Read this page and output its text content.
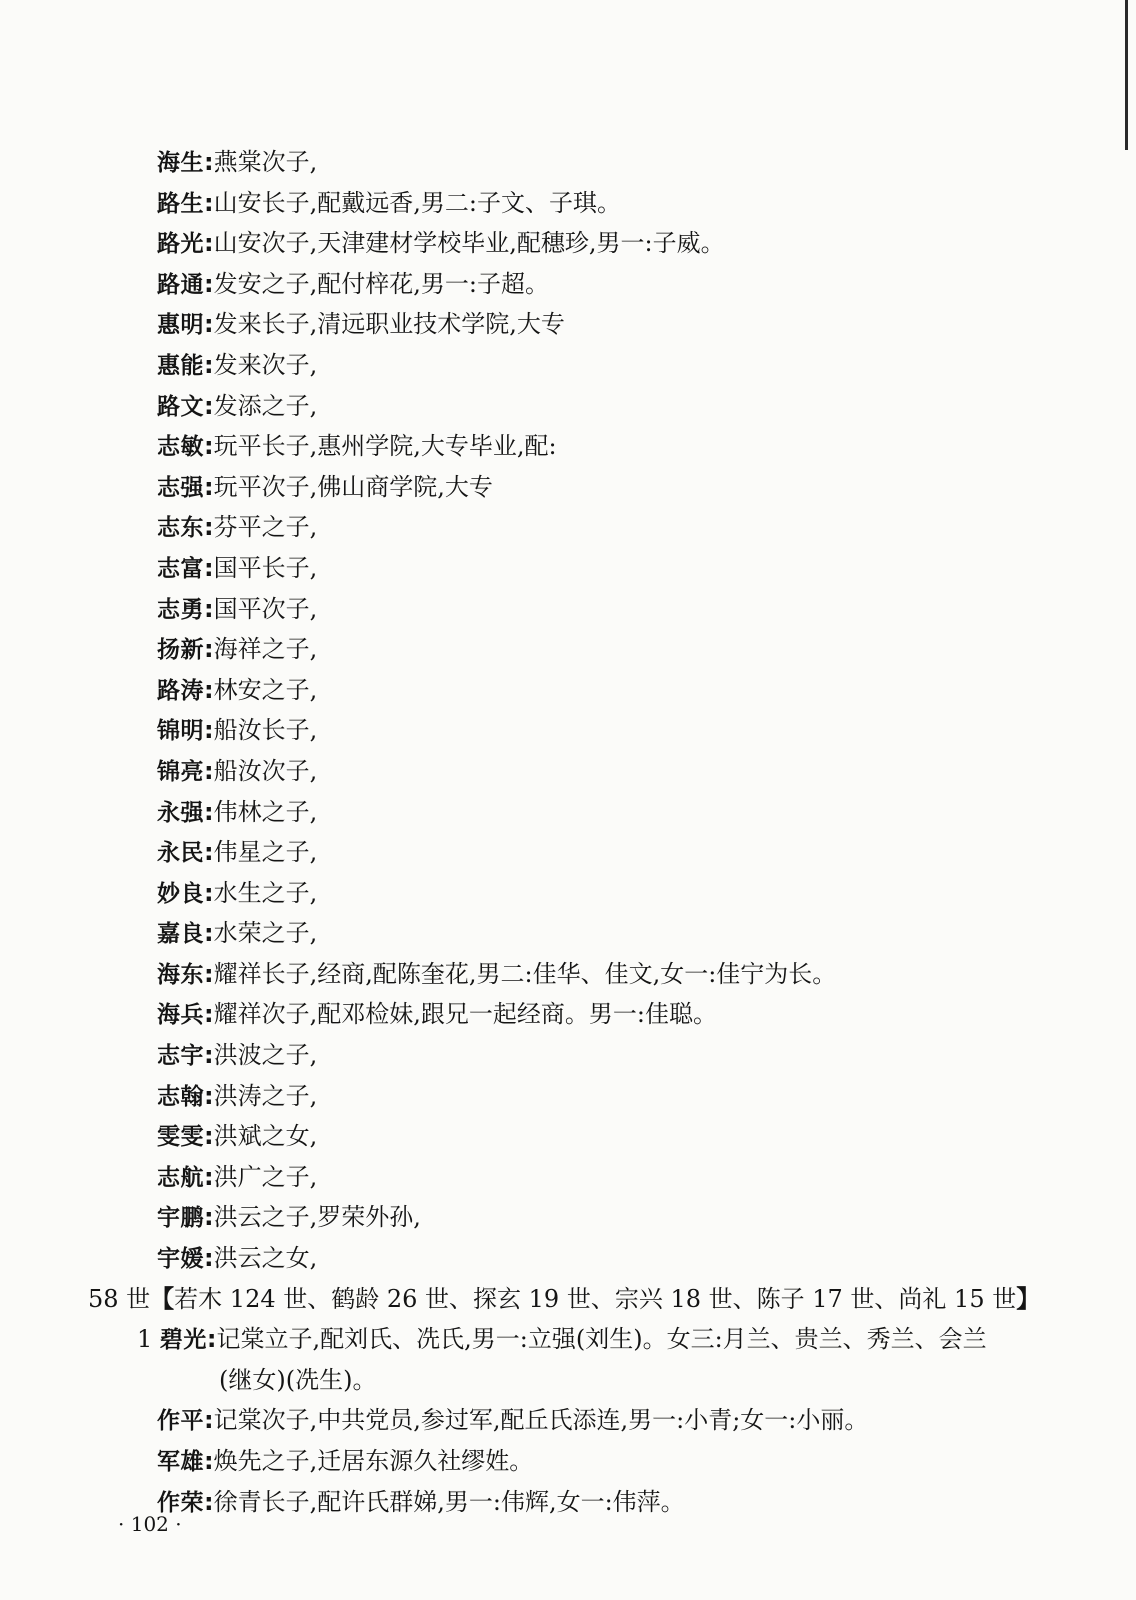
海生:燕棠次子,
路生:山安长子,配戴远香,男二:子文、子琪。
路光:山安次子,天津建材学校毕业,配穗珍,男一:子威。
路通:发安之子,配付梓花,男一:子超。
惠明:发来长子,清远职业技术学院,大专
惠能:发来次子,
路文:发添之子,
志敏:玩平长子,惠州学院,大专毕业,配:
志强:玩平次子,佛山商学院,大专
志东:芬平之子,
志富:国平长子,
志勇:国平次子,
扬新:海祥之子,
路涛:林安之子,
锦明:船汝长子,
锦亮:船汝次子,
永强:伟林之子,
永民:伟星之子,
妙良:水生之子,
嘉良:水荣之子,
海东:耀祥长子,经商,配陈奎花,男二:佳华、佳文,女一:佳宁为长。
海兵:耀祥次子,配邓检妹,跟兄一起经商。男一:佳聪。
志宇:洪波之子,
志翰:洪涛之子,
雯雯:洪斌之女,
志航:洪广之子,
宇鹏:洪云之子,罗荣外孙,
宇媛:洪云之女,
58 世【若木 124 世、鹤龄 26 世、探玄 19 世、宗兴 18 世、陈子 17 世、尚礼 15 世】
1 碧光:记棠立子,配刘氏、冼氏,男一:立强(刘生)。女三:月兰、贵兰、秀兰、会兰
(继女)(冼生)。
作平:记棠次子,中共党员,参过军,配丘氏添连,男一:小青;女一:小丽。
军雄:焕先之子,迁居东源久社缪姓。
作荣:徐青长子,配许氏群娣,男一:伟辉,女一:伟萍。
· 102 ·
